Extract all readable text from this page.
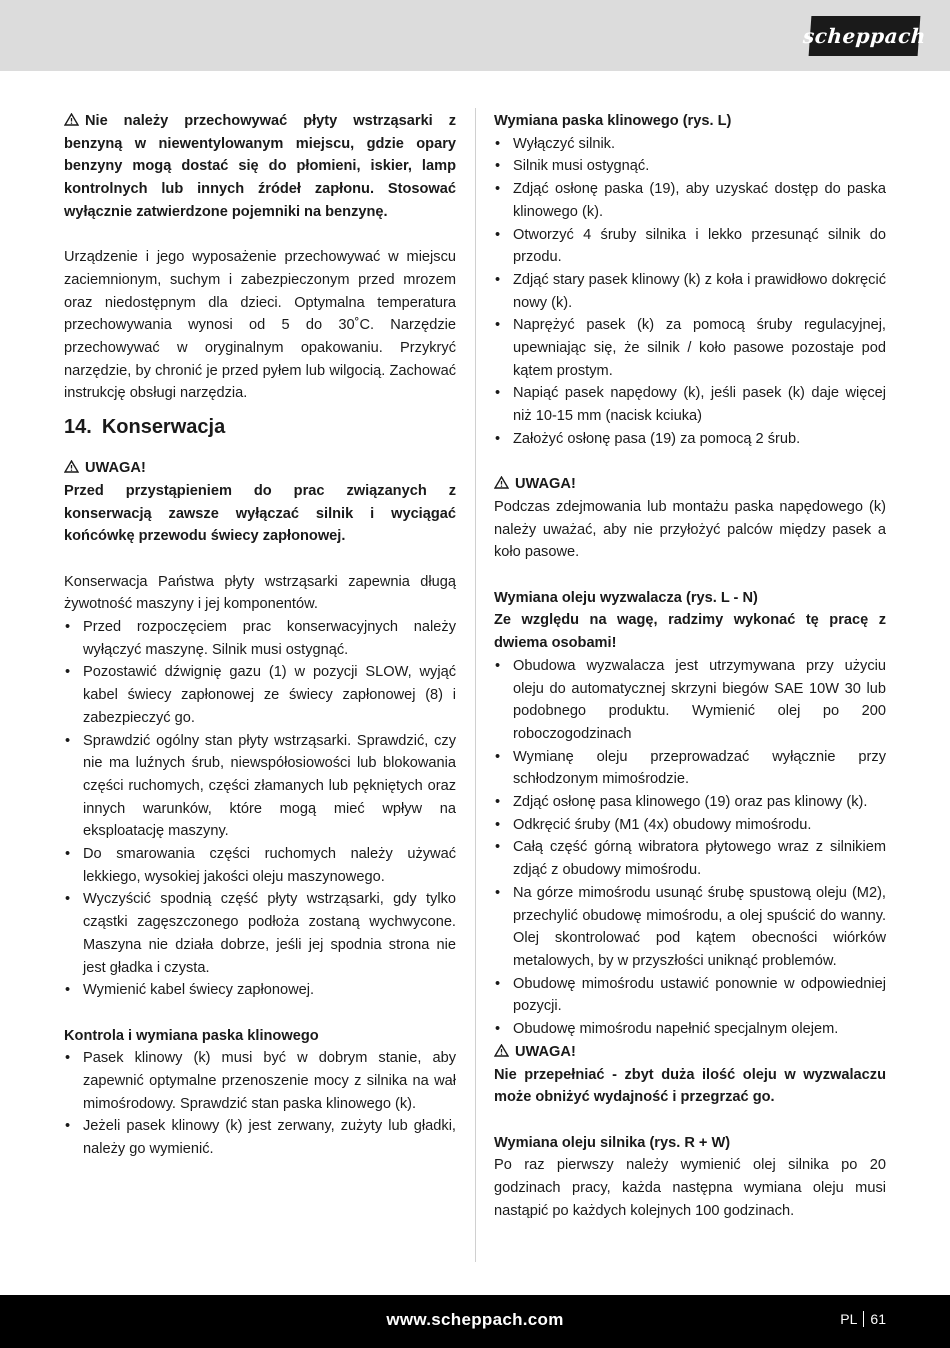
scheppach

Nie należy przechowywać płyty wstrząsarki z benzyną w niewentylowanym miejscu, gdzie opary benzyny mogą dostać się do płomieni, iskier, lamp kontrolnych lub innych źródeł zapłonu. Stosować wyłącznie zatwierdzone pojemniki na benzynę.

Urządzenie i jego wyposażenie przechowywać w miejscu zaciemnionym, suchym i zabezpieczonym przed mrozem oraz niedostępnym dla dzieci. Optymalna temperatura przechowywania wynosi od 5 do 30˚C. Narzędzie przechowywać w oryginalnym opakowaniu. Przykryć narzędzie, by chronić je przed pyłem lub wilgocią. Zachować instrukcję obsługi narzędzia.

14. Konserwacja

UWAGA!

Przed przystąpieniem do prac związanych z konserwacją zawsze wyłączać silnik i wyciągać końcówkę przewodu świecy zapłonowej.

Konserwacja Państwa płyty wstrząsarki zapewnia długą żywotność maszyny i jej komponentów.

• Przed rozpoczęciem prac konserwacyjnych należy wyłączyć maszynę. Silnik musi ostygnąć.
• Pozostawić dźwignię gazu (1) w pozycji SLOW, wyjąć kabel świecy zapłonowej ze świecy zapłonowej (8) i zabezpieczyć go.
• Sprawdzić ogólny stan płyty wstrząsarki. Sprawdzić, czy nie ma luźnych śrub, niewspółosiowości lub blokowania części ruchomych, części złamanych lub pękniętych oraz innych warunków, które mogą mieć wpływ na eksploatację maszyny.
• Do smarowania części ruchomych należy używać lekkiego, wysokiej jakości oleju maszynowego.
• Wyczyścić spodnią część płyty wstrząsarki, gdy tylko cząstki zagęszczonego podłoża zostaną wychwycone. Maszyna nie działa dobrze, jeśli jej spodnia strona nie jest gładka i czysta.
• Wymienić kabel świecy zapłonowej.

Kontrola i wymiana paska klinowego

• Pasek klinowy (k) musi być w dobrym stanie, aby zapewnić optymalne przenoszenie mocy z silnika na wał mimośrodowy. Sprawdzić stan paska klinowego (k).
• Jeżeli pasek klinowy (k) jest zerwany, zużyty lub gładki, należy go wymienić.

Wymiana paska klinowego (rys. L)

• Wyłączyć silnik.
• Silnik musi ostygnąć.
• Zdjąć osłonę paska (19), aby uzyskać dostęp do paska klinowego (k).
• Otworzyć 4 śruby silnika i lekko przesunąć silnik do przodu.
• Zdjąć stary pasek klinowy (k) z koła i prawidłowo dokręcić nowy (k).
• Naprężyć pasek (k) za pomocą śruby regulacyjnej, upewniając się, że silnik / koło pasowe pozostaje pod kątem prostym.
• Napiąć pasek napędowy (k), jeśli pasek (k) daje więcej niż 10-15 mm (nacisk kciuka)
• Założyć osłonę pasa (19) za pomocą 2 śrub.

UWAGA!

Podczas zdejmowania lub montażu paska napędowego (k) należy uważać, aby nie przyłożyć palców między pasek a koło pasowe.

Wymiana oleju wyzwalacza (rys. L - N)

Ze względu na wagę, radzimy wykonać tę pracę z dwiema osobami!

• Obudowa wyzwalacza jest utrzymywana przy użyciu oleju do automatycznej skrzyni biegów SAE 10W 30 lub podobnego produktu. Wymienić olej po 200 roboczogodzinach
• Wymianę oleju przeprowadzać wyłącznie przy schłodzonym mimośrodzie.
• Zdjąć osłonę pasa klinowego (19) oraz pas klinowy (k).
• Odkręcić śruby (M1 (4x) obudowy mimośrodu.
• Całą część górną wibratora płytowego wraz z silnikiem zdjąć z obudowy mimośrodu.
• Na górze mimośrodu usunąć śrubę spustową oleju (M2), przechylić obudowę mimośrodu, a olej spuścić do wanny. Olej skontrolować pod kątem obecności wiórków metalowych, by w przyszłości uniknąć problemów.
• Obudowę mimośrodu ustawić ponownie w odpowiedniej pozycji.
• Obudowę mimośrodu napełnić specjalnym olejem.

UWAGA!

Nie przepełniać - zbyt duża ilość oleju w wyzwalaczu może obniżyć wydajność i przegrzać go.

Wymiana oleju silnika (rys. R + W)

Po raz pierwszy należy wymienić olej silnika po 20 godzinach pracy, każda następna wymiana oleju musi nastąpić po każdych kolejnych 100 godzinach.

www.scheppach.com	PL 61
